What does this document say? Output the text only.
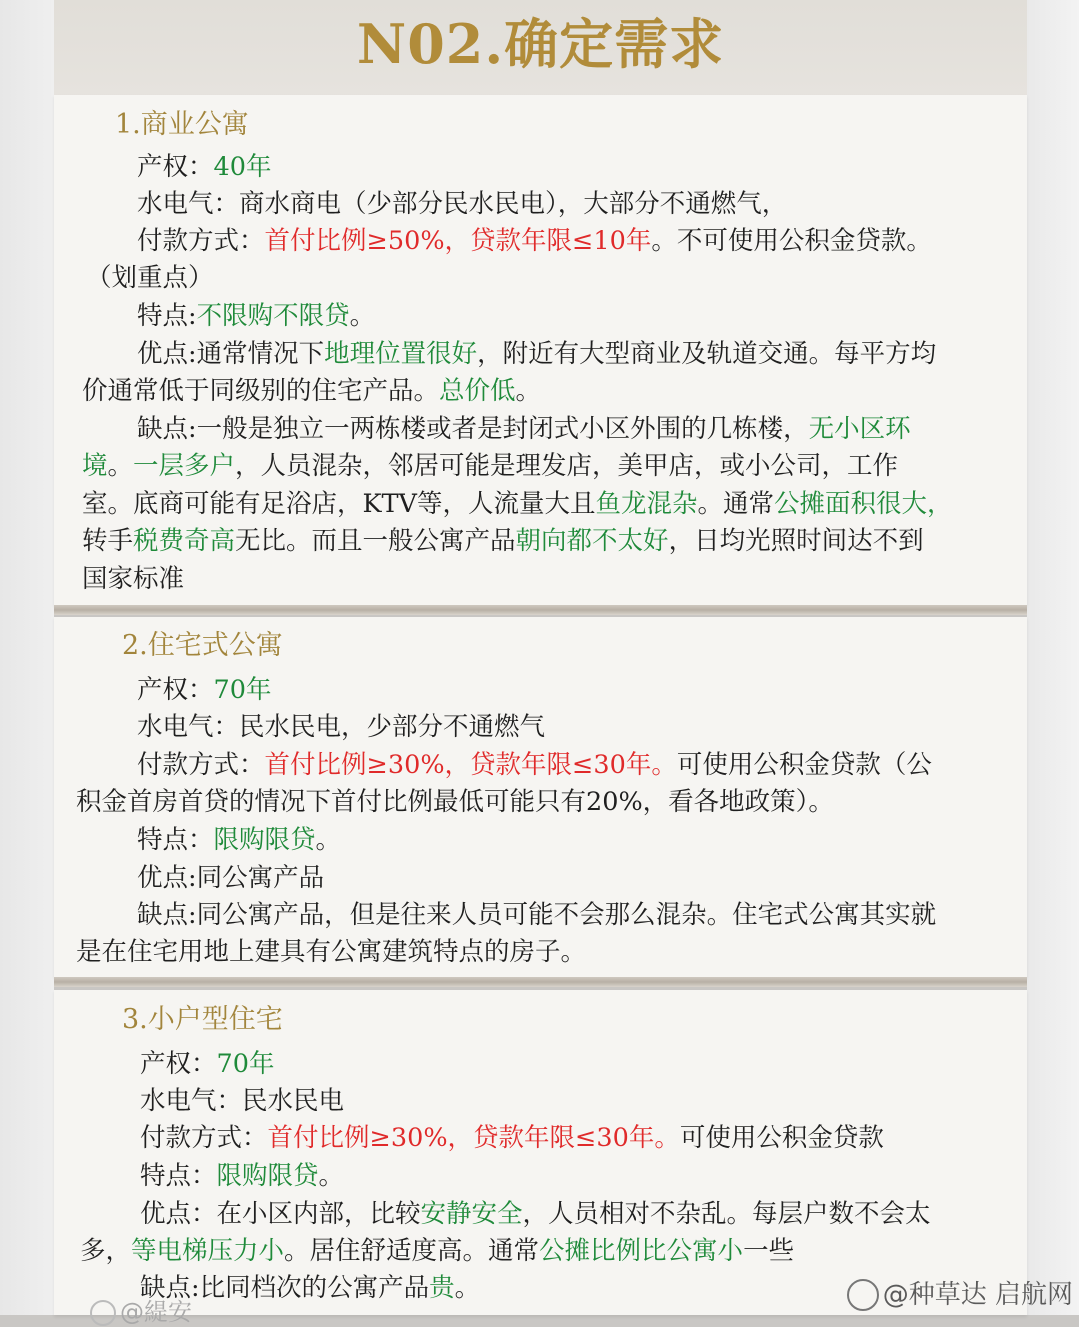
N02.确定需求
1.商业公寓
产权：40年
水电气：商水商电（少部分民水民电），大部分不通燃气，
付款方式：首付比例≥50%，贷款年限≤10年。不可使用公积金贷款。
（划重点）
特点:不限购不限贷。
优点:通常情况下地理位置很好，附近有大型商业及轨道交通。每平方均
价通常低于同级别的住宅产品。总价低。
缺点:一般是独立一两栋楼或者是封闭式小区外围的几栋楼，无小区环
境。一层多户，人员混杂，邻居可能是理发店，美甲店，或小公司，工作
室。底商可能有足浴店，KTV等，人流量大且鱼龙混杂。通常公摊面积很大，
转手税费奇高无比。而且一般公寓产品朝向都不太好，日均光照时间达不到
国家标准
2.住宅式公寓
产权：70年
水电气：民水民电，少部分不通燃气
付款方式：首付比例≥30%，贷款年限≤30年。可使用公积金贷款（公
积金首房首贷的情况下首付比例最低可能只有20%，看各地政策）。
特点：限购限贷。
优点:同公寓产品
缺点:同公寓产品，但是往来人员可能不会那么混杂。住宅式公寓其实就
是在住宅用地上建具有公寓建筑特点的房子。
3.小户型住宅
产权：70年
水电气：民水民电
付款方式：首付比例≥30%，贷款年限≤30年。可使用公积金贷款
特点：限购限贷。
优点：在小区内部，比较安静安全，人员相对不杂乱。每层户数不会太
多，等电梯压力小。居住舒适度高。通常公摊比例比公寓小一些
缺点:比同档次的公寓产品贵。	@种草达 启航网
@緹安
